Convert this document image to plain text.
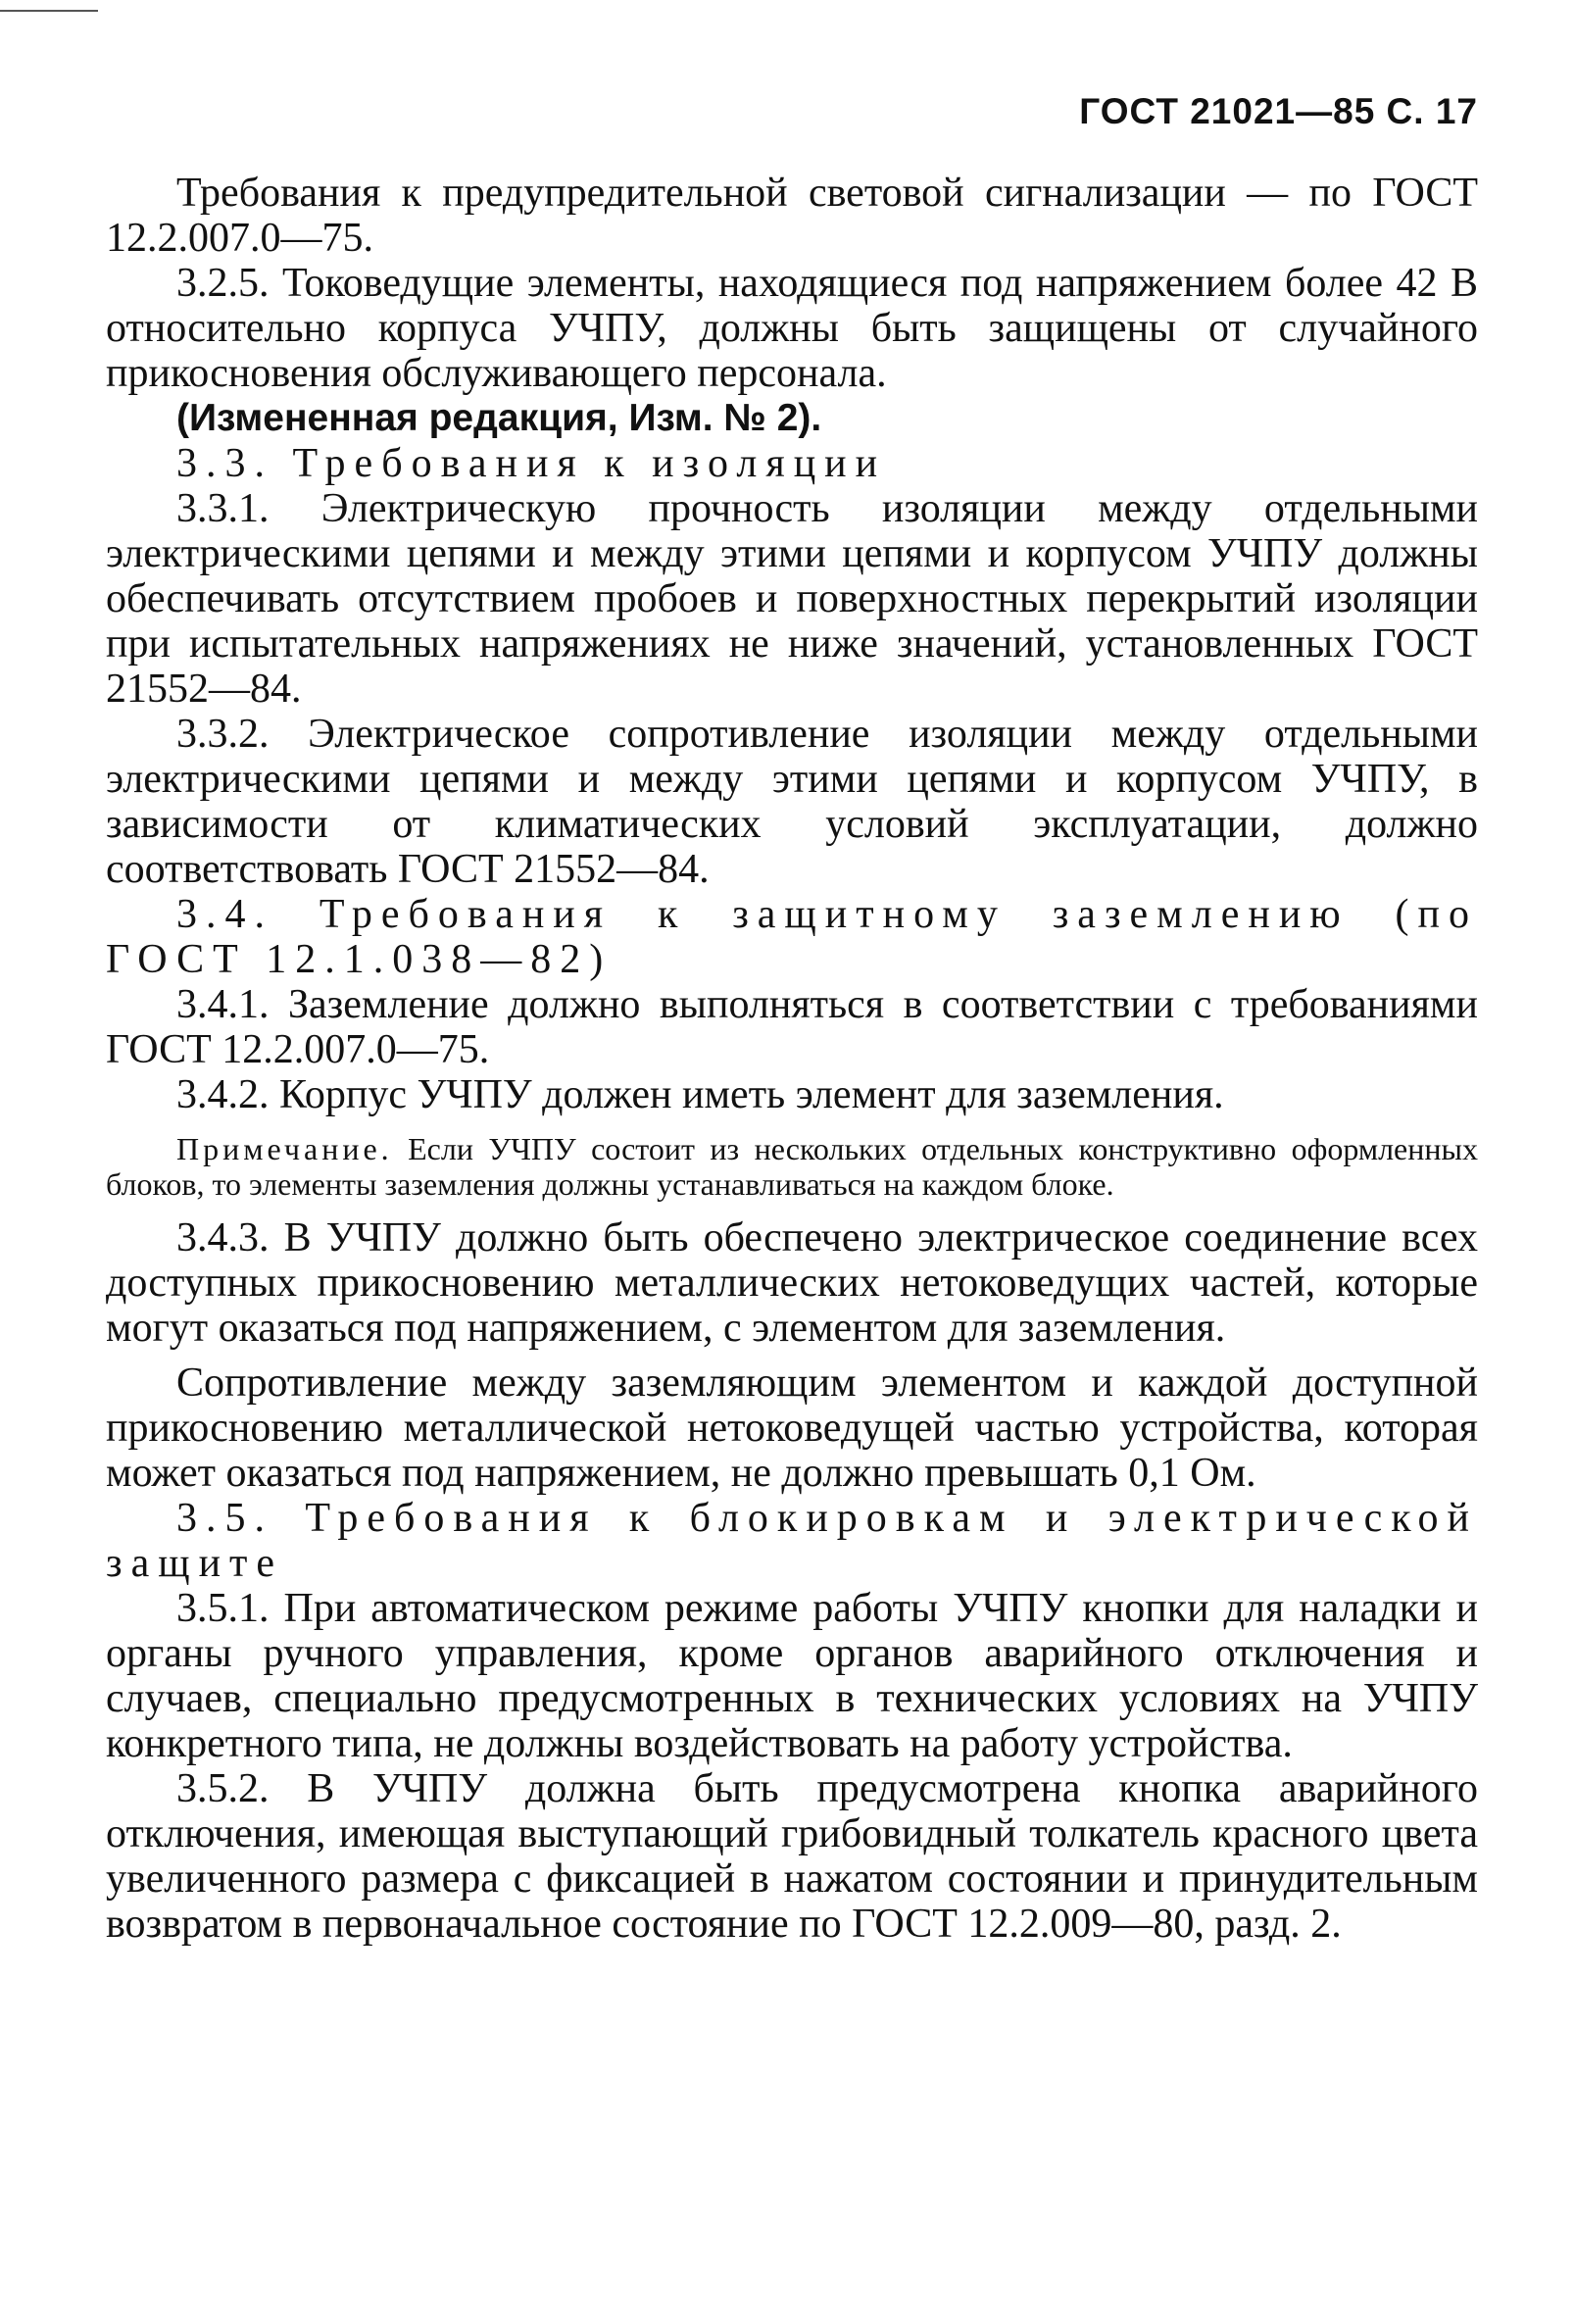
ГОСТ 21021—85 С. 17

Требования к предупредительной световой сигнализации — по ГОСТ 12.2.007.0—75.

3.2.5. Токоведущие элементы, находящиеся под напряжением более 42 В относительно корпуса УЧПУ, должны быть защищены от случайного прикосновения обслуживающего персонала.

(Измененная редакция, Изм. № 2).

3.3. Требования к изоляции

3.3.1. Электрическую прочность изоляции между отдельными электрическими цепями и между этими цепями и корпусом УЧПУ должны обеспечивать отсутствием пробоев и поверхностных перекрытий изоляции при испытательных напряжениях не ниже значений, установленных ГОСТ 21552—84.

3.3.2. Электрическое сопротивление изоляции между отдельными электрическими цепями и между этими цепями и корпусом УЧПУ, в зависимости от климатических условий эксплуатации, должно соответствовать ГОСТ 21552—84.

3.4. Требования к защитному заземлению (по ГОСТ 12.1.038—82)

3.4.1. Заземление должно выполняться в соответствии с требованиями ГОСТ 12.2.007.0—75.

3.4.2. Корпус УЧПУ должен иметь элемент для заземления.

Примечание. Если УЧПУ состоит из нескольких отдельных конструктивно оформленных блоков, то элементы заземления должны устанавливаться на каждом блоке.

3.4.3. В УЧПУ должно быть обеспечено электрическое соединение всех доступных прикосновению металлических нетоковедущих частей, которые могут оказаться под напряжением, с элементом для заземления.

Сопротивление между заземляющим элементом и каждой доступной прикосновению металлической нетоковедущей частью устройства, которая может оказаться под напряжением, не должно превышать 0,1 Ом.

3.5. Требования к блокировкам и электрической защите

3.5.1. При автоматическом режиме работы УЧПУ кнопки для наладки и органы ручного управления, кроме органов аварийного отключения и случаев, специально предусмотренных в технических условиях на УЧПУ конкретного типа, не должны воздействовать на работу устройства.

3.5.2. В УЧПУ должна быть предусмотрена кнопка аварийного отключения, имеющая выступающий грибовидный толкатель красного цвета увеличенного размера с фиксацией в нажатом состоянии и принудительным возвратом в первоначальное состояние по ГОСТ 12.2.009—80, разд. 2.
